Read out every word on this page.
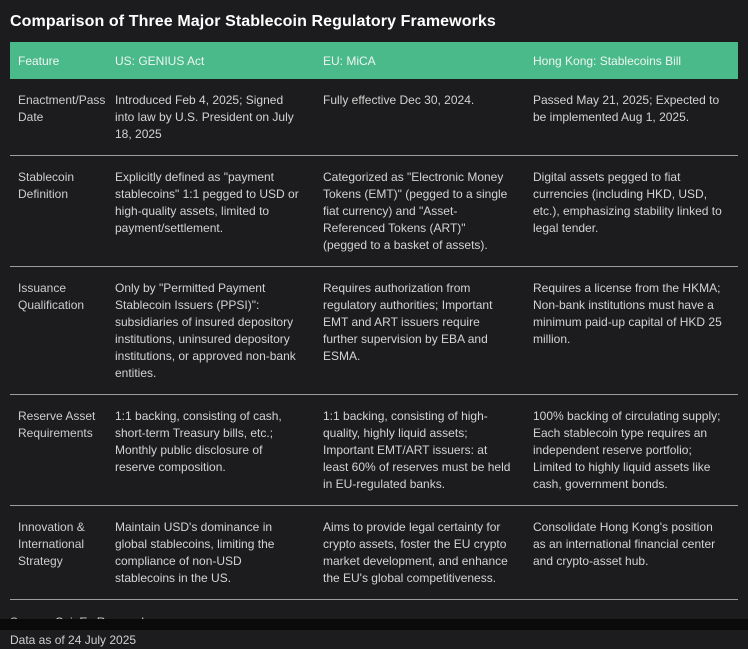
Comparison of Three Major Stablecoin Regulatory Frameworks
Feature	US: GENIUS Act	EU: MiCA	Hong Kong: Stablecoins Bill
Enactment/Pass Date	Introduced Feb 4, 2025; Signed into law by U.S. President on July 18, 2025	Fully effective Dec 30, 2024.	Passed May 21, 2025; Expected to be implemented Aug 1, 2025.
Stablecoin Definition	Explicitly defined as "payment stablecoins" 1:1 pegged to USD or high-quality assets, limited to payment/settlement.	Categorized as "Electronic Money Tokens (EMT)" (pegged to a single fiat currency) and "Asset-Referenced Tokens (ART)" (pegged to a basket of assets).	Digital assets pegged to fiat currencies (including HKD, USD, etc.), emphasizing stability linked to legal tender.
Issuance Qualification	Only by "Permitted Payment Stablecoin Issuers (PPSI)": subsidiaries of insured depository institutions, uninsured depository institutions, or approved non-bank entities.	Requires authorization from regulatory authorities; Important EMT and ART issuers require further supervision by EBA and ESMA.	Requires a license from the HKMA; Non-bank institutions must have a minimum paid-up capital of HKD 25 million.
Reserve Asset Requirements	1:1 backing, consisting of cash, short-term Treasury bills, etc.; Monthly public disclosure of reserve composition.	1:1 backing, consisting of high-quality, highly liquid assets; Important EMT/ART issuers: at least 60% of reserves must be held in EU-regulated banks.	100% backing of circulating supply; Each stablecoin type requires an independent reserve portfolio; Limited to highly liquid assets like cash, government bonds.
Innovation & International Strategy	Maintain USD's dominance in global stablecoins, limiting the compliance of non-USD stablecoins in the US.	Aims to provide legal certainty for crypto assets, foster the EU crypto market development, and enhance the EU's global competitiveness.	Consolidate Hong Kong's position as an international financial center and crypto-asset hub.
Data as of 24 July 2025
